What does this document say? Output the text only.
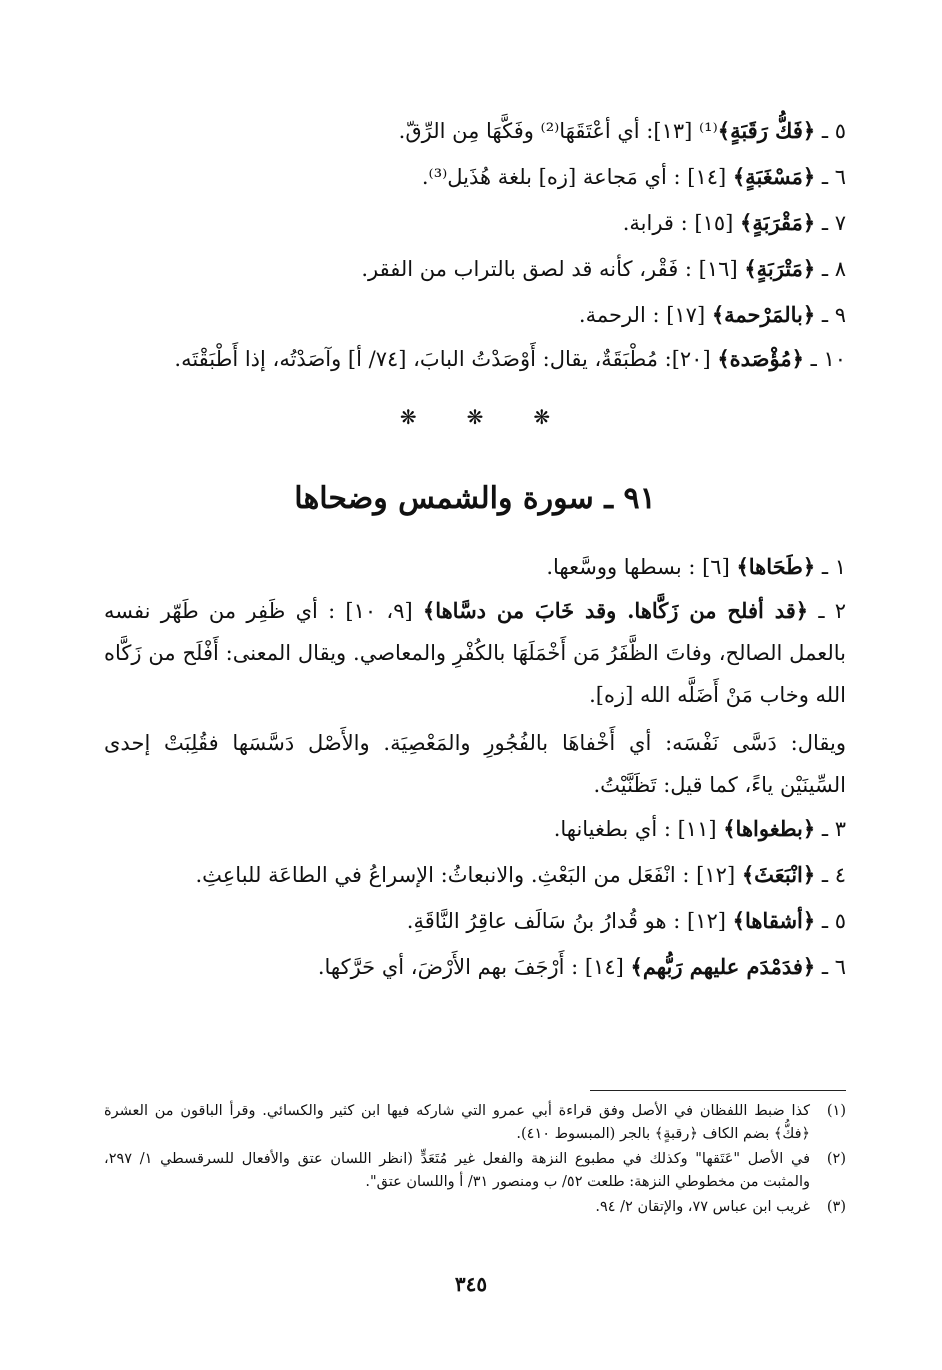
٥ ـ ﴿فَكُّ رَقَبَةٍ﴾⁽¹⁾ [١٣]: أي أعْتَقَهَا⁽²⁾ وفَكَّهَا مِن الرِّقّ.
٦ ـ ﴿مَسْغَبَةٍ﴾ [١٤] : أي مَجاعة [زه] بلغة هُذَيل⁽³⁾.
٧ ـ ﴿مَقْرَبَةٍ﴾ [١٥] : قرابة.
٨ ـ ﴿مَتْرَبَةٍ﴾ [١٦] : فَقْر، كأنه قد لصق بالتراب من الفقر.
٩ ـ ﴿بالمَرْحمة﴾ [١٧] : الرحمة.
١٠ ـ ﴿مُؤْصَدة﴾ [٢٠]: مُطْبَقَةٌ، يقال: أَوْصَدْتُ البابَ، [٧٤/ أ] وآصَدْتُه، إذا أَطْبَقْتَه.
❋	❋	❋
٩١ ـ سورة والشمس وضحاها
١ ـ ﴿طَحَاها﴾ [٦] : بسطها ووسَّعها.
٢ ـ ﴿قد أفلح من زَكَّاها. وقد خَابَ من دسَّاها﴾ [٩، ١٠] : أي ظَفِر من طَهّر نفسه بالعمل الصالح، وفاتَ الظَّفَرُ مَن أَخْمَلَهَا بالكُفْرِ والمعاصي. ويقال المعنى: أَفْلَح من زَكَّاه الله وخاب مَنْ أَضَلَّه الله [زه].
ويقال: دَسَّى نَفْسَه: أي أَخْفاهَا بالفُجُورِ والمَعْصِيَة. والأَصْل دَسَّسَها فقُلِبَتْ إحدى السِّينَيْن ياءً، كما قيل: تَظَنَّيْتُ.
٣ ـ ﴿بطغواها﴾ [١١] : أي بطغيانها.
٤ ـ ﴿انْبَعَثَ﴾ [١٢] : انْفَعَل من البَعْثِ. والانبعاثُ: الإسراعُ في الطاعَة للباعِثِ.
٥ ـ ﴿أشقاها﴾ [١٢] : هو قُدارُ بنُ سَالَف عاقِرُ النَّاقَةِ.
٦ ـ ﴿فدَمْدَم عليهم رَبُّهم﴾ [١٤] : أَرْجَفَ بهم الأَرْضَ، أي حَرَّكها.
(١)
كذا ضبط اللفظان في الأصل وفق قراءة أبي عمرو التي شاركه فيها ابن كثير والكسائي. وقرأ الباقون من العشرة ﴿فكُّ﴾ بضم الكاف ﴿رقبةٍ﴾ بالجر (المبسوط ٤١٠).
(٢)
في الأصل "عَتَقها" وكذلك في مطبوع النزهة والفعل غير مُتَعَدٍّ (انظر اللسان عتق والأفعال للسرقسطي ١/ ٢٩٧، والمثبت من مخطوطي النزهة: طلعت ٥٢/ ب ومنصور ٣١/ أ واللسان عتق".
(٣)
غريب ابن عباس ٧٧، والإتقان ٢/ ٩٤.
٣٤٥
